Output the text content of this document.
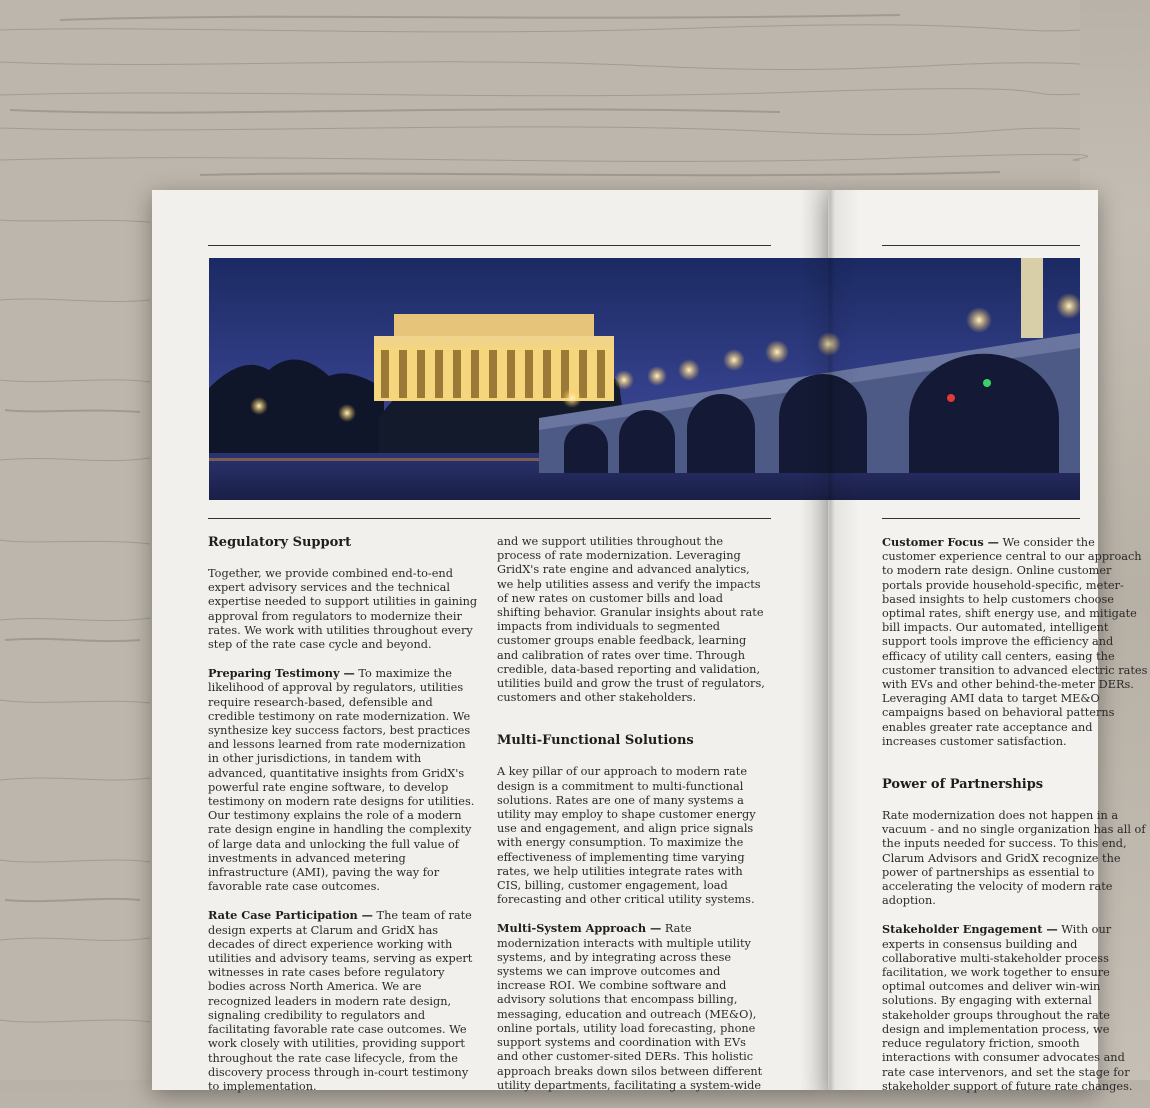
Regulatory Support

Together, we provide combined end-to-end expert advisory services and the technical expertise needed to support utilities in gaining approval from regulators to modernize their rates. We work with utilities throughout every step of the rate case cycle and beyond.

Preparing Testimony — To maximize the likelihood of approval by regulators, utilities require research-based, defensible and credible testimony on rate modernization. We synthesize key success factors, best practices and lessons learned from rate modernization in other jurisdictions, in tandem with advanced, quantitative insights from GridX's powerful rate engine software, to develop testimony on modern rate designs for utilities. Our testimony explains the role of a modern rate design engine in handling the complexity of large data and unlocking the full value of investments in advanced metering infrastructure (AMI), paving the way for favorable rate case outcomes.

Rate Case Participation — The team of rate design experts at Clarum and GridX has decades of direct experience working with utilities and advisory teams, serving as expert witnesses in rate cases before regulatory bodies across North America. We are recognized leaders in modern rate design, signaling credibility to regulators and facilitating favorable rate case outcomes. We work closely with utilities, providing support throughout the rate case lifecycle, from the discovery process through in-court testimony to implementation.

and we support utilities throughout the process of rate modernization. Leveraging GridX's rate engine and advanced analytics, we help utilities assess and verify the impacts of new rates on customer bills and load shifting behavior. Granular insights about rate impacts from individuals to segmented customer groups enable feedback, learning and calibration of rates over time. Through credible, data-based reporting and validation, utilities build and grow the trust of regulators, customers and other stakeholders.

Multi-Functional Solutions

A key pillar of our approach to modern rate design is a commitment to multi-functional solutions. Rates are one of many systems a utility may employ to shape customer energy use and engagement, and align price signals with energy consumption. To maximize the effectiveness of implementing time varying rates, we help utilities integrate rates with CIS, billing, customer engagement, load forecasting and other critical utility systems.

Multi-System Approach — Rate modernization interacts with multiple utility systems, and by integrating across these systems we can improve outcomes and increase ROI. We combine software and advisory solutions that encompass billing, messaging, education and outreach (ME&O), online portals, utility load forecasting, phone support systems and coordination with EVs and other customer-sited DERs. This holistic approach breaks down silos between different utility departments, facilitating a system-wide

Customer Focus — We consider the customer experience central to our approach to modern rate design. Online customer portals provide household-specific, meter-based insights to help customers choose optimal rates, shift energy use, and mitigate bill impacts. Our automated, intelligent support tools improve the efficiency and efficacy of utility call centers, easing the customer transition to advanced electric rates with EVs and other behind-the-meter DERs. Leveraging AMI data to target ME&O campaigns based on behavioral patterns enables greater rate acceptance and increases customer satisfaction.

Power of Partnerships

Rate modernization does not happen in a vacuum - and no single organization has all of the inputs needed for success. To this end, Clarum Advisors and GridX recognize the power of partnerships as essential to accelerating the velocity of modern rate adoption.

Stakeholder Engagement — With our experts in consensus building and collaborative multi-stakeholder process facilitation, we work together to ensure optimal outcomes and deliver win-win solutions. By engaging with external stakeholder groups throughout the rate design and implementation process, we reduce regulatory friction, smooth interactions with consumer advocates and rate case intervenors, and set the stage for stakeholder support of future rate changes.
